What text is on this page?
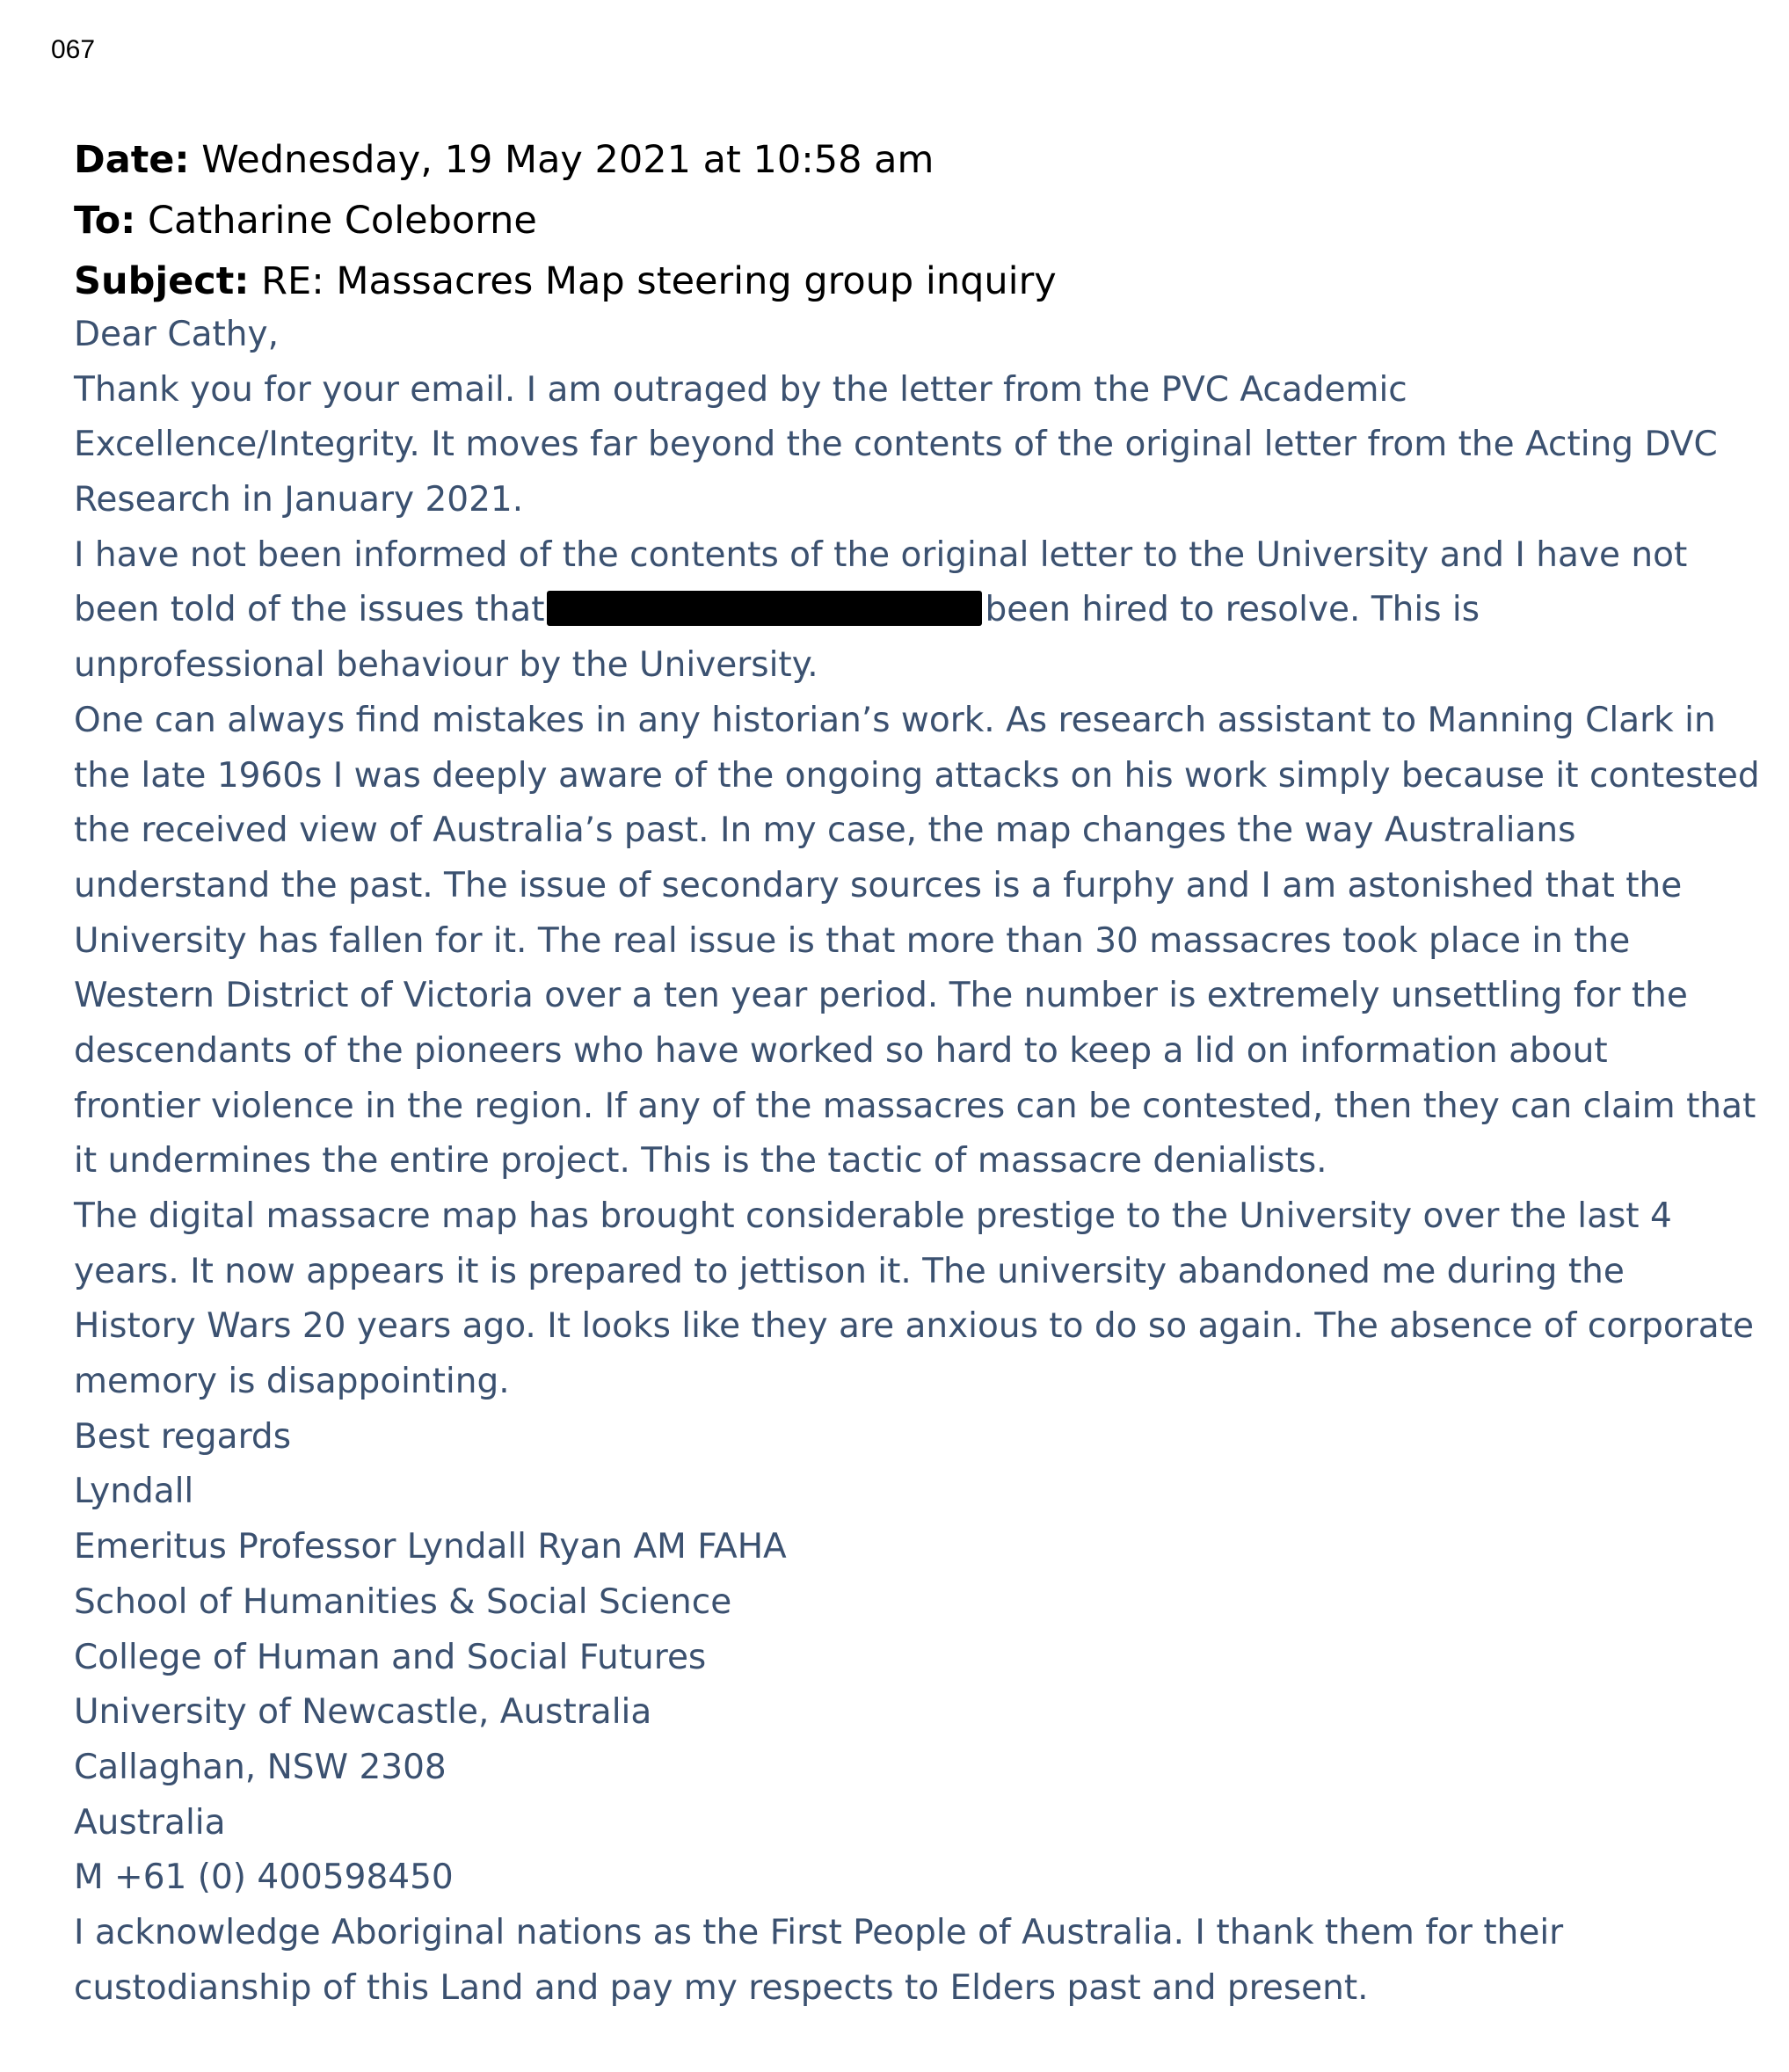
067
Date: Wednesday, 19 May 2021 at 10:58 am
To: Catharine Coleborne
Subject: RE: Massacres Map steering group inquiry
Dear Cathy,
Thank you for your email. I am outraged by the letter from the PVC Academic
Excellence/Integrity. It moves far beyond the contents of the original letter from the Acting DVC
Research in January 2021.
I have not been informed of the contents of the original letter to the University and I have not
been told of the issues that	been hired to resolve. This is
unprofessional behaviour by the University.
One can always find mistakes in any historian’s work. As research assistant to Manning Clark in
the late 1960s I was deeply aware of the ongoing attacks on his work simply because it contested
the received view of Australia’s past. In my case, the map changes the way Australians
understand the past. The issue of secondary sources is a furphy and I am astonished that the
University has fallen for it. The real issue is that more than 30 massacres took place in the
Western District of Victoria over a ten year period. The number is extremely unsettling for the
descendants of the pioneers who have worked so hard to keep a lid on information about
frontier violence in the region. If any of the massacres can be contested, then they can claim that
it undermines the entire project. This is the tactic of massacre denialists.
The digital massacre map has brought considerable prestige to the University over the last 4
years. It now appears it is prepared to jettison it. The university abandoned me during the
History Wars 20 years ago. It looks like they are anxious to do so again. The absence of corporate
memory is disappointing.
Best regards
Lyndall
Emeritus Professor Lyndall Ryan AM FAHA
School of Humanities & Social Science
College of Human and Social Futures
University of Newcastle, Australia
Callaghan, NSW 2308
Australia
M +61 (0) 400598450
I acknowledge Aboriginal nations as the First People of Australia. I thank them for their
custodianship of this Land and pay my respects to Elders past and present.
